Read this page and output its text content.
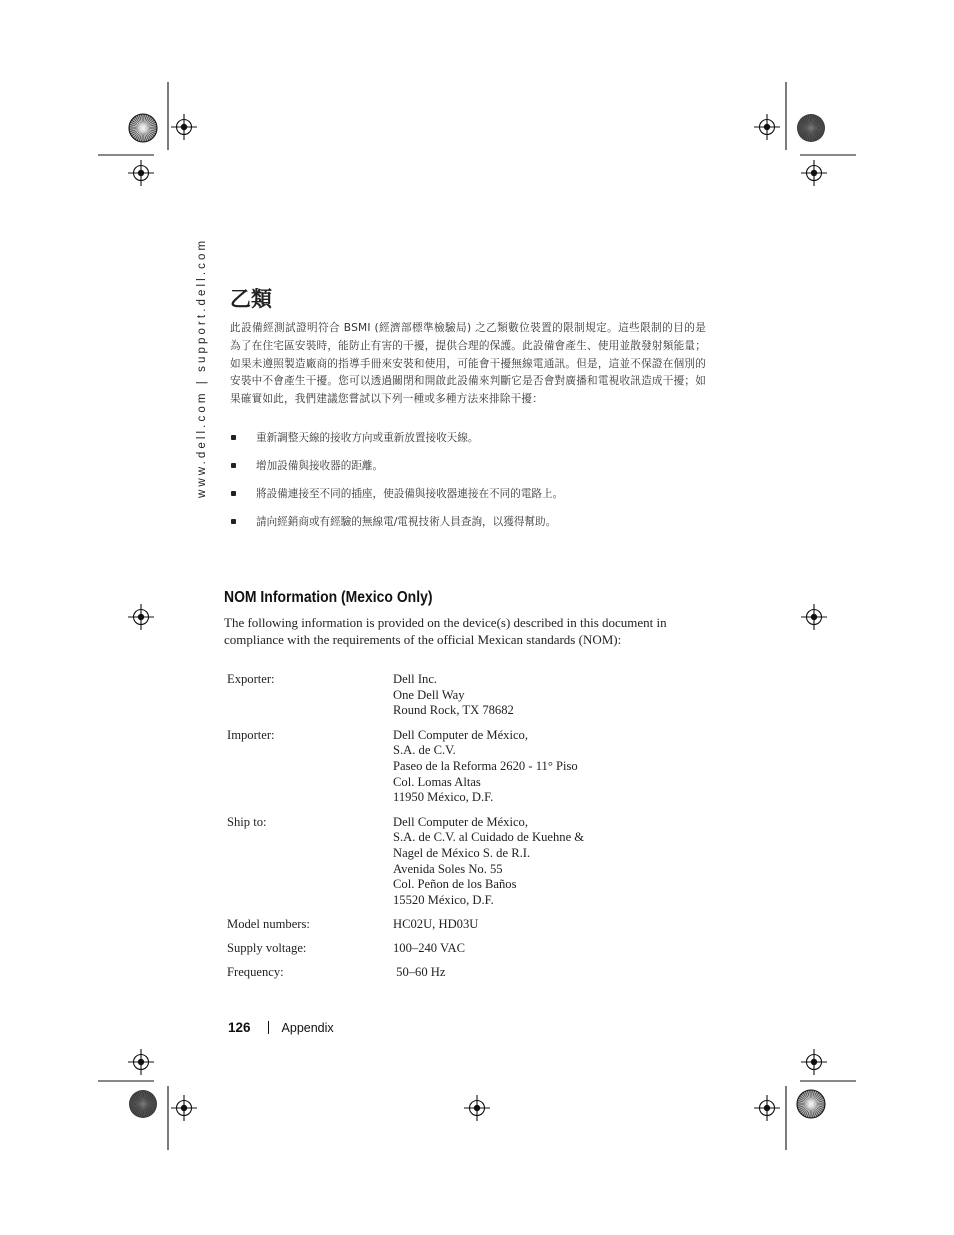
www.dell.com | support.dell.com	乙類
此設備經測試證明符合 BSMI (經濟部標準檢驗局) 之乙類數位裝置的限制規定。這些限制的目的是為了在住宅區安裝時，能防止有害的干擾，提供合理的保護。此設備會產生、使用並散發射頻能量；如果未遵照製造廠商的指導手冊來安裝和使用，可能會干擾無線電通訊。但是，這並不保證在個別的安裝中不會產生干擾。您可以透過關閉和開啟此設備來判斷它是否會對廣播和電視收訊造成干擾；如果確實如此，我們建議您嘗試以下列一種或多種方法來排除干擾：
重新調整天線的接收方向或重新放置接收天線。
增加設備與接收器的距離。
將設備連接至不同的插座，使設備與接收器連接在不同的電路上。
請向經銷商或有經驗的無線電/電視技術人員查詢，以獲得幫助。
NOM Information (Mexico Only)
The following information is provided on the device(s) described in this document in compliance with the requirements of the official Mexican standards (NOM):
Exporter:	Dell Inc.
One Dell Way
Round Rock, TX 78682
Importer:	Dell Computer de México,
S.A. de C.V.
Paseo de la Reforma 2620 - 11° Piso
Col. Lomas Altas
11950 México, D.F.
Ship to:	Dell Computer de México,
S.A. de C.V. al Cuidado de Kuehne &
Nagel de México S. de R.I.
Avenida Soles No. 55
Col. Peñon de los Baños
15520 México, D.F.
Model numbers:	HC02U, HD03U
Supply voltage:	100–240 VAC
Frequency:	50–60 Hz
126 Appendix
